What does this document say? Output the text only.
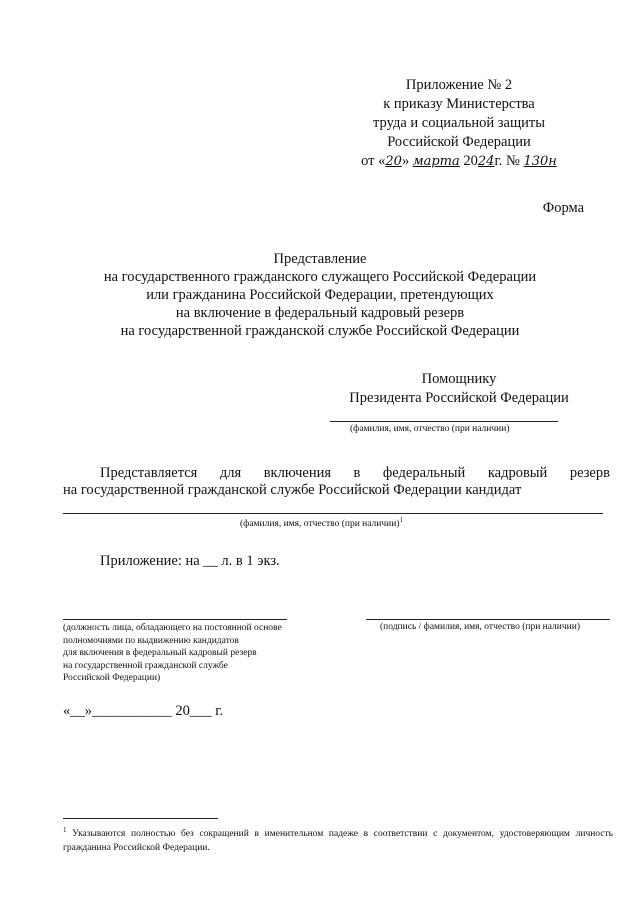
Приложение № 2
к приказу Министерства
труда и социальной защиты
Российской Федерации
от «20» марта 2024г. № 130н
Форма
Представление
на государственного гражданского служащего Российской Федерации
или гражданина Российской Федерации, претендующих
на включение в федеральный кадровый резерв
на государственной гражданской службе Российской Федерации
Помощнику
Президента Российской Федерации
(фамилия, имя, отчество (при наличии)
Представляется для включения в федеральный кадровый резерв
на государственной гражданской службе Российской Федерации кандидат
(фамилия, имя, отчество (при наличии)$^1$
Приложение: на __ л. в 1 экз.
(должность лица, обладающего на постоянной основе
полномочиями по выдвижению кандидатов
для включения в федеральный кадровый резерв
на государственной гражданской службе
Российской Федерации)
(подпись / фамилия, имя, отчество (при наличии)
«__»___________ 20___ г.
$^1$ Указываются полностью без сокращений в именительном падеже в соответствии с документом, удостоверяющим личность гражданина Российской Федерации.
